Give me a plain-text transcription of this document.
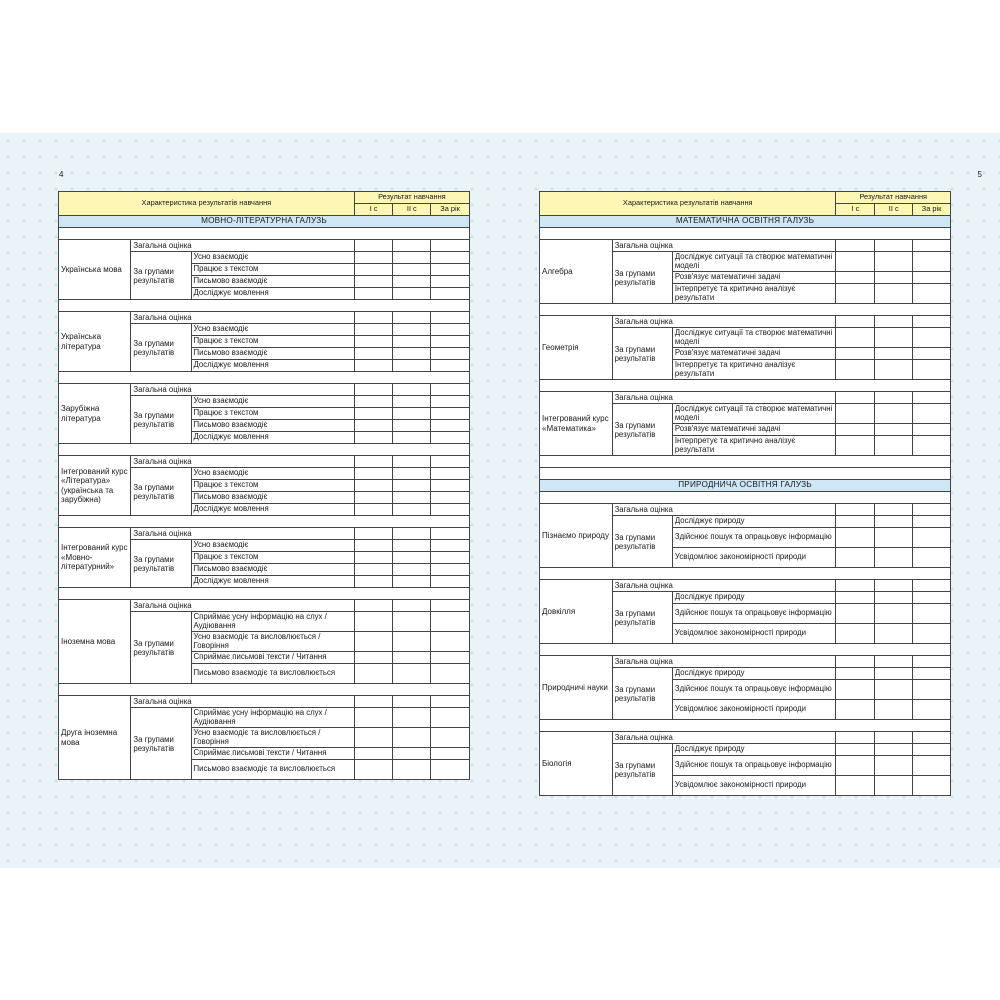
4
Характеристика результатів навчання			Результат навчання		
			І с	ІІ с	За рік
МОВНО-ЛІТЕРАТУРНА ГАЛУЗЬ					

Українська мова	Загальна оцінка				
	За групами результатів	Усно взаємодіє			
		Працює з текстом			
		Письмово взаємодіє			
		Досліджує мовлення			

Українська література	Загальна оцінка				
	За групами результатів	Усно взаємодіє			
		Працює з текстом			
		Письмово взаємодіє			
		Досліджує мовлення			

Зарубіжна література	Загальна оцінка				
	За групами результатів	Усно взаємодіє			
		Працює з текстом			
		Письмово взаємодіє			
		Досліджує мовлення			

Інтегрований курс «Література» (українська та зарубіжна)	Загальна оцінка				
	За групами результатів	Усно взаємодіє			
		Працює з текстом			
		Письмово взаємодіє			
		Досліджує мовлення			

Інтегрований курс «Мовно-літературний»	Загальна оцінка				
	За групами результатів	Усно взаємодіє			
		Працює з текстом			
		Письмово взаємодіє			
		Досліджує мовлення			

Іноземна мова	Загальна оцінка				
	За групами результатів	Сприймає усну інформацію на слух / Аудіювання			
		Усно взаємодіє та висловлюється / Говоріння			
		Сприймає письмові тексти / Читання			
		Письмово взаємодіє та висловлюється			

Друга іноземна мова	Загальна оцінка				
	За групами результатів	Сприймає усну інформацію на слух / Аудіювання			
		Усно взаємодіє та висловлюється / Говоріння			
		Сприймає письмові тексти / Читання			
		Письмово взаємодіє та висловлюється			
5
Характеристика результатів навчання			Результат навчання		
			І с	ІІ с	За рік
МАТЕМАТИЧНА ОСВІТНЯ ГАЛУЗЬ					

Алгебра	Загальна оцінка				
	За групами результатів	Досліджує ситуації та створює математичні моделі			
		Розв'язує математичні задачі			
		Інтерпретує та критично аналізує результати			

Геометрія	Загальна оцінка				
	За групами результатів	Досліджує ситуації та створює математичні моделі			
		Розв'язує математичні задачі			
		Інтерпретує та критично аналізує результати			

Інтегрований курс «Математика»	Загальна оцінка				
	За групами результатів	Досліджує ситуації та створює математичні моделі			
		Розв'язує математичні задачі			
		Інтерпретує та критично аналізує результати			

ПРИРОДНИЧА ОСВІТНЯ ГАЛУЗЬ					

Пізнаємо природу	Загальна оцінка				
	За групами результатів	Досліджує природу			
		Здійснює пошук та опрацьовує інформацію			
		Усвідомлює закономірності природи			

Довкілля	Загальна оцінка				
	За групами результатів	Досліджує природу			
		Здійснює пошук та опрацьовує інформацію			
		Усвідомлює закономірності природи			

Природничі науки	Загальна оцінка				
	За групами результатів	Досліджує природу			
		Здійснює пошук та опрацьовує інформацію			
		Усвідомлює закономірності природи			

Біологія	Загальна оцінка				
	За групами результатів	Досліджує природу			
		Здійснює пошук та опрацьовує інформацію			
		Усвідомлює закономірності природи			
